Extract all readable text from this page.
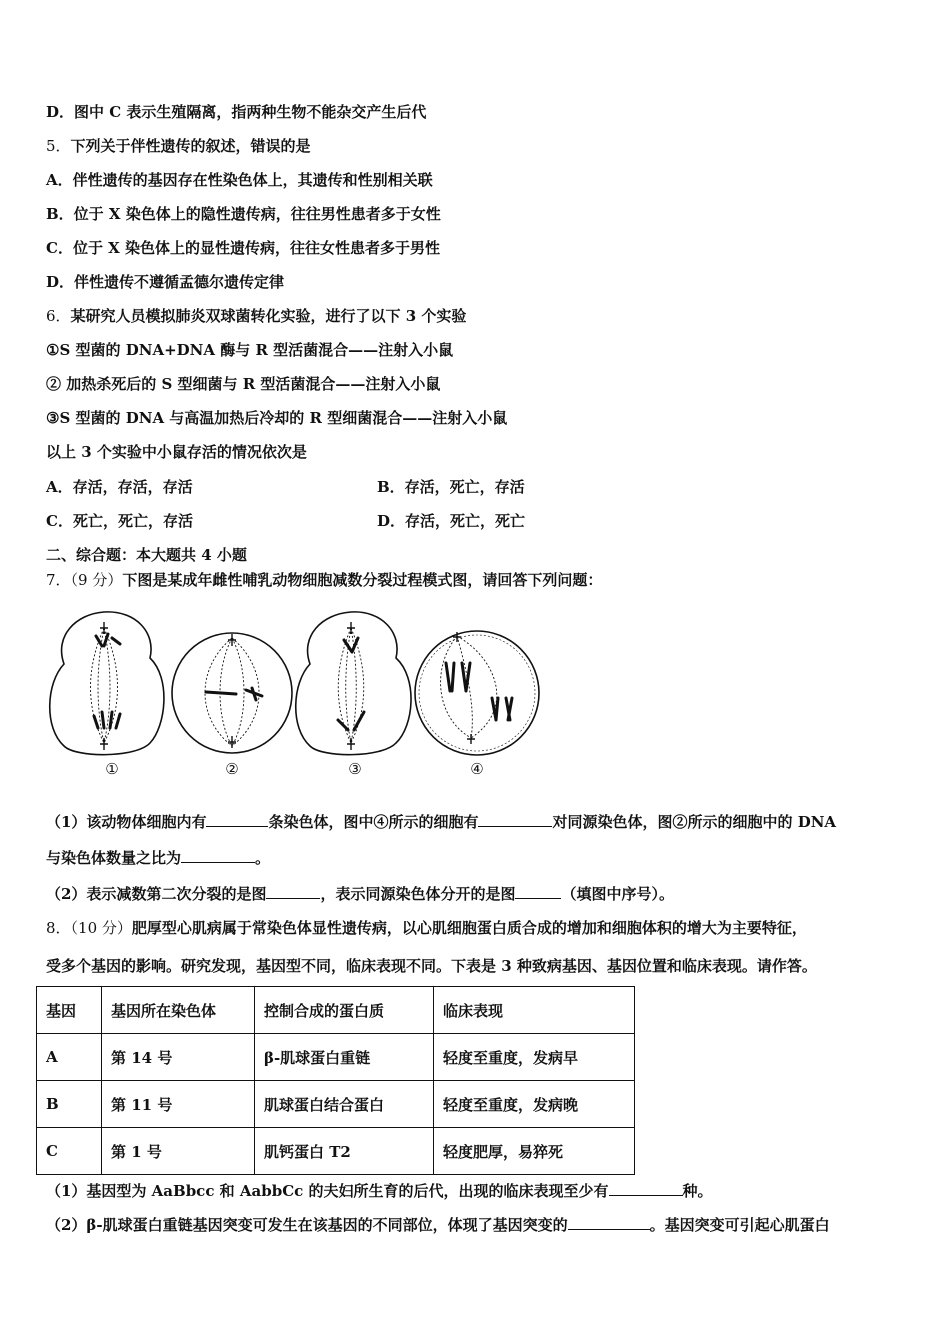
D．图中 C 表示生殖隔离，指两种生物不能杂交产生后代
5．下列关于伴性遗传的叙述，错误的是
A．伴性遗传的基因存在性染色体上，其遗传和性别相关联
B．位于 X 染色体上的隐性遗传病，往往男性患者多于女性
C．位于 X 染色体上的显性遗传病，往往女性患者多于男性
D．伴性遗传不遵循孟德尔遗传定律
6．某研究人员模拟肺炎双球菌转化实验，进行了以下 3 个实验
①S 型菌的 DNA+DNA 酶与 R 型活菌混合——注射入小鼠
② 加热杀死后的 S 型细菌与 R 型活菌混合——注射入小鼠
③S 型菌的 DNA 与高温加热后冷却的 R 型细菌混合——注射入小鼠
以上 3 个实验中小鼠存活的情况依次是
A．存活，存活，存活	B．存活，死亡，存活
C．死亡，死亡，存活	D．存活，死亡，死亡
二、综合题：本大题共 4 小题
7．（9 分）下图是某成年雌性哺乳动物细胞减数分裂过程模式图，请回答下列问题：
①	②	③	④
（1）该动物体细胞内有	条染色体，图中④所示的细胞有	对同源染色体，图②所示的细胞中的 DNA
与染色体数量之比为	。
（2）表示减数第二次分裂的是图	，表示同源染色体分开的是图	（填图中序号）。
8．（10 分）肥厚型心肌病属于常染色体显性遗传病，以心肌细胞蛋白质合成的增加和细胞体积的增大为主要特征，
受多个基因的影响。研究发现，基因型不同，临床表现不同。下表是 3 种致病基因、基因位置和临床表现。请作答。
基因	基因所在染色体	控制合成的蛋白质	临床表现
A	第 14 号	β-肌球蛋白重链	轻度至重度，发病早
B	第 11 号	肌球蛋白结合蛋白	轻度至重度，发病晚
C	第 1 号	肌钙蛋白 T2	轻度肥厚，易猝死
（1）基因型为 AaBbcc 和 AabbCc 的夫妇所生育的后代，出现的临床表现至少有	种。
（2）β-肌球蛋白重链基因突变可发生在该基因的不同部位，体现了基因突变的	。基因突变可引起心肌蛋白
